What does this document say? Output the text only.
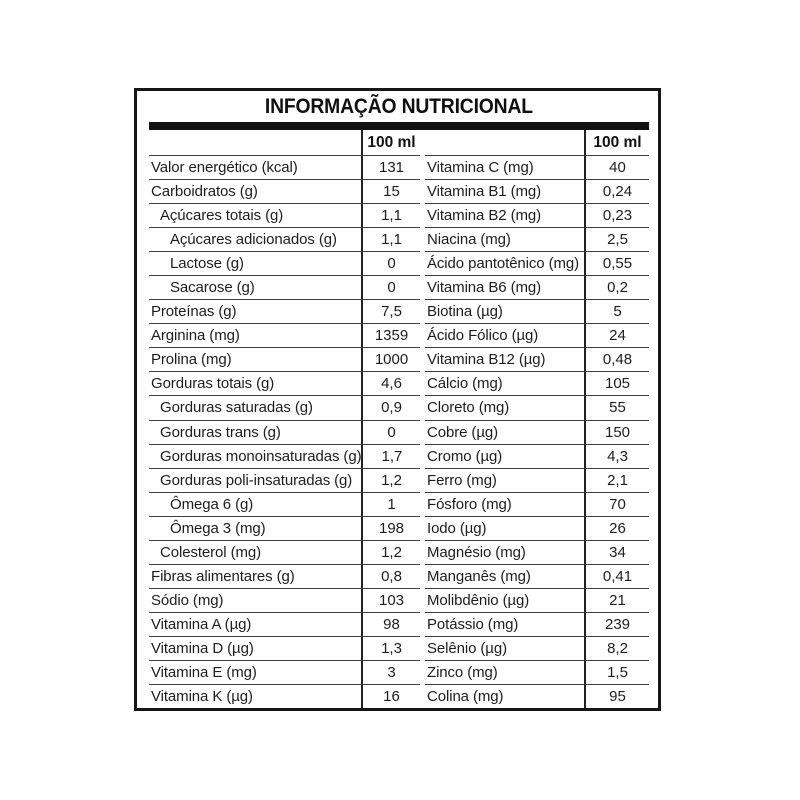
INFORMAÇÃO NUTRICIONAL
100 ml
Valor energético (kcal)	131
Carboidratos (g)	15
Açúcares totais (g)	1,1
Açúcares adicionados (g)	1,1
Lactose (g)	0
Sacarose (g)	0
Proteínas (g)	7,5
Arginina (mg)	1359
Prolina (mg)	1000
Gorduras totais (g)	4,6
Gorduras saturadas (g)	0,9
Gorduras trans (g)	0
Gorduras monoinsaturadas (g)	1,7
Gorduras poli-insaturadas (g)	1,2
Ômega 6 (g)	1
Ômega 3 (mg)	198
Colesterol (mg)	1,2
Fibras alimentares (g)	0,8
Sódio (mg)	103
Vitamina A (µg)	98
Vitamina D (µg)	1,3
Vitamina E (mg)	3
Vitamina K (µg)	16
100 ml
Vitamina C (mg)	40
Vitamina B1 (mg)	0,24
Vitamina B2 (mg)	0,23
Niacina (mg)	2,5
Ácido pantotênico (mg)	0,55
Vitamina B6 (mg)	0,2
Biotina (µg)	5
Ácido Fólico (µg)	24
Vitamina B12 (µg)	0,48
Cálcio (mg)	105
Cloreto (mg)	55
Cobre (µg)	150
Cromo (µg)	4,3
Ferro (mg)	2,1
Fósforo (mg)	70
Iodo (µg)	26
Magnésio (mg)	34
Manganês (mg)	0,41
Molibdênio (µg)	21
Potássio (mg)	239
Selênio (µg)	8,2
Zinco (mg)	1,5
Colina (mg)	95
